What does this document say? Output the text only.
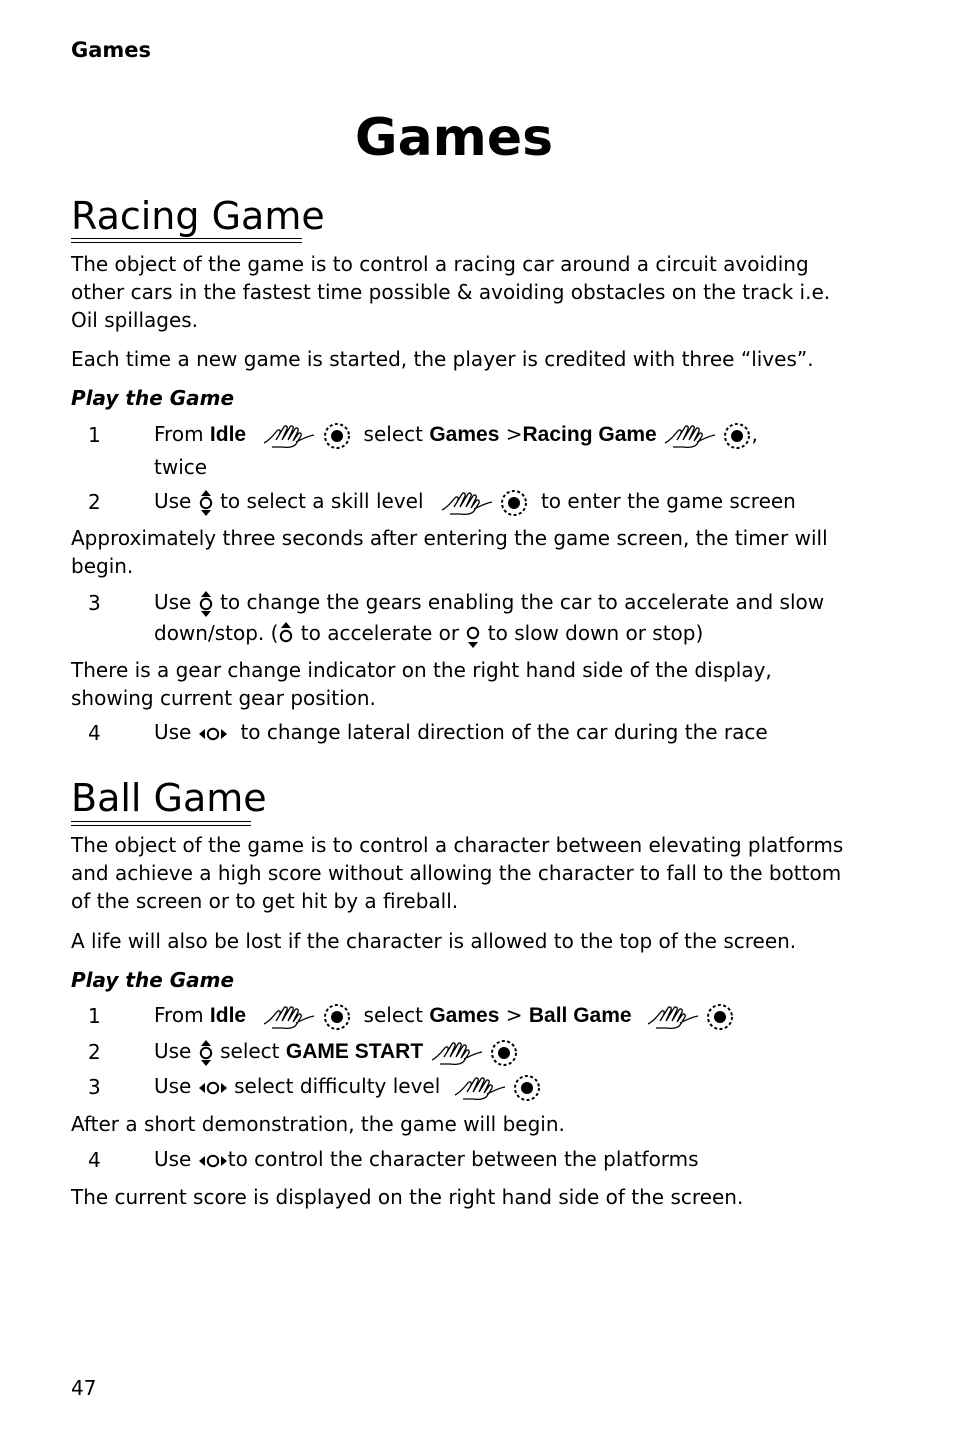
Games
Games
Racing Game
The object of the game is to control a racing car around a circuit avoiding other cars in the fastest time possible & avoiding obstacles on the track i.e. Oil spillages.
Each time a new game is started, the player is credited with three “lives”.
Play the Game
1	From Idle	select Games >Racing Game	,
twice
2	Use to select a skill level	to enter the game screen
Approximately three seconds after entering the game screen, the timer will begin.
3	Use to change the gears enabling the car to accelerate and slow
down/stop. ( to accelerate or to slow down or stop)
There is a gear change indicator on the right hand side of the display, showing current gear position.
4	Use to change lateral direction of the car during the race
Ball Game
The object of the game is to control a character between elevating platforms and achieve a high score without allowing the character to fall to the bottom of the screen or to get hit by a fireball.
A life will also be lost if the character is allowed to the top of the screen.
Play the Game
1	From Idle	select Games > Ball Game
2	Use select GAME START
3	Use select difficulty level
After a short demonstration, the game will begin.
4	Use to control the character between the platforms
The current score is displayed on the right hand side of the screen.
47
